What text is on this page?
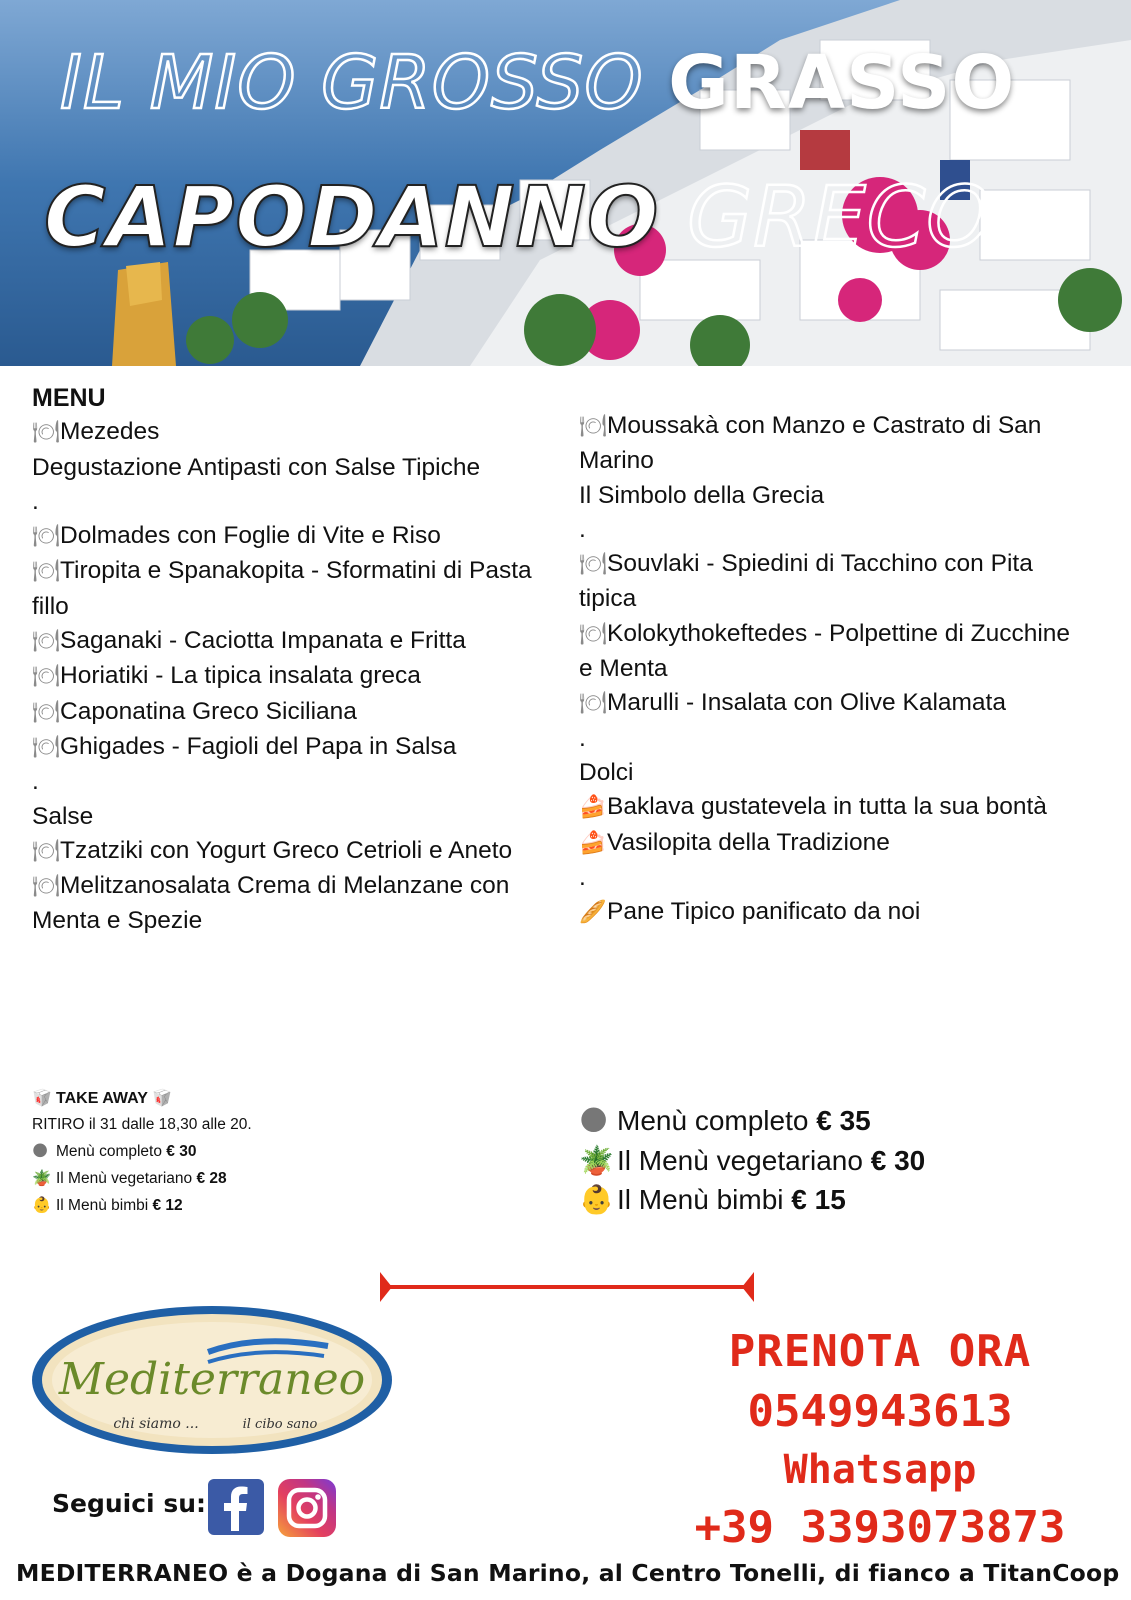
IL MIO GROSSO GRASSO
CAPODANNO GRECO
MENU
🍽Mezedes
Degustazione Antipasti con Salse Tipiche
.
🍽Dolmades con Foglie di Vite e Riso
🍽Tiropita e Spanakopita - Sformatini di Pasta fillo
🍽Saganaki - Caciotta Impanata e Fritta
🍽Horiatiki - La tipica insalata greca
🍽Caponatina Greco Siciliana
🍽Ghigades - Fagioli del Papa in Salsa
.
Salse
🍽Tzatziki con Yogurt Greco Cetrioli e Aneto
🍽Melitzanosalata Crema di Melanzane con Menta e Spezie
🍽Moussakà con Manzo e Castrato di San Marino
Il Simbolo della Grecia
.
🍽Souvlaki - Spiedini di Tacchino con Pita tipica
🍽Kolokythokeftedes - Polpettine di Zucchine e Menta
🍽Marulli - Insalata con Olive Kalamata
.
Dolci
🍰Baklava gustatevela in tutta la sua bontà
🍰Vasilopita della Tradizione
.
🥖Pane Tipico panificato da noi
🥡 TAKE AWAY 🥡
RITIRO il 31 dalle 18,30 alle 20.
🌑 Menù completo € 30
🪴 Il Menù vegetariano € 28
👶 Il Menù bimbi € 12
🌑 Menù completo € 35
🪴 Il Menù vegetariano € 30
👶 Il Menù bimbi € 15
Mediterraneo
chi siamo ...	il cibo sano
Seguici su:
PRENOTA ORA
0549943613
Whatsapp
+39 3393073873
MEDITERRANEO è a Dogana di San Marino, al Centro Tonelli, di fianco a TitanCoop
